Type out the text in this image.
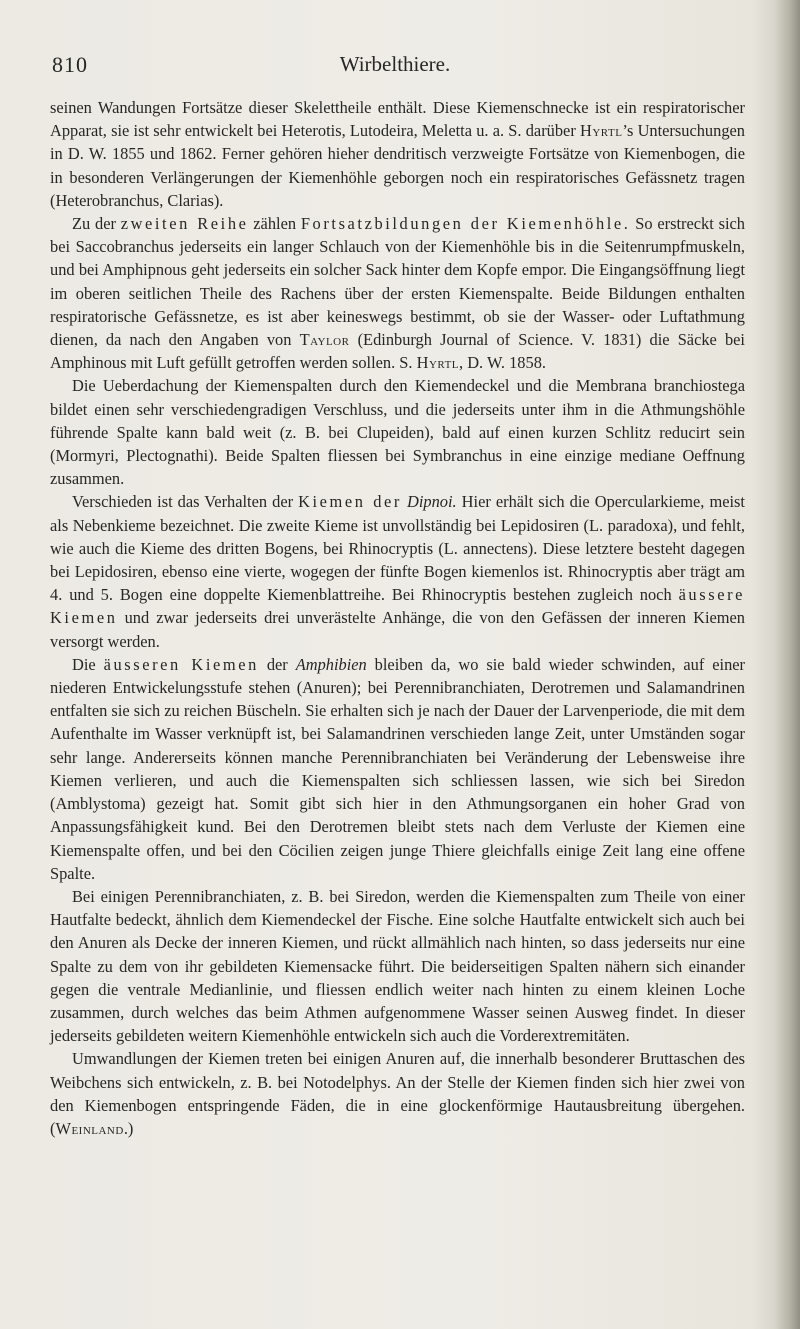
810	Wirbelthiere.

seinen Wandungen Fortsätze dieser Skelettheile enthält. Diese Kiemenschnecke ist ein respiratorischer Apparat, sie ist sehr entwickelt bei Heterotis, Lutodeira, Meletta u. a. S. darüber Hyrtl’s Untersuchungen in D. W. 1855 und 1862. Ferner gehören hieher dendritisch verzweigte Fortsätze von Kiemenbogen, die in besonderen Verlängerungen der Kiemenhöhle geborgen noch ein respiratorisches Gefässnetz tragen (Heterobranchus, Clarias).

Zu der zweiten Reihe zählen Fortsatzbildungen der Kiemenhöhle. So erstreckt sich bei Saccobranchus jederseits ein langer Schlauch von der Kiemenhöhle bis in die Seitenrumpfmuskeln, und bei Amphipnous geht jederseits ein solcher Sack hinter dem Kopfe empor. Die Eingangsöffnung liegt im oberen seitlichen Theile des Rachens über der ersten Kiemenspalte. Beide Bildungen enthalten respiratorische Gefässnetze, es ist aber keineswegs bestimmt, ob sie der Wasser- oder Luftathmung dienen, da nach den Angaben von Taylor (Edinburgh Journal of Science. V. 1831) die Säcke bei Amphinous mit Luft gefüllt getroffen werden sollen. S. Hyrtl, D. W. 1858.

Die Ueberdachung der Kiemenspalten durch den Kiemendeckel und die Membrana branchiostega bildet einen sehr verschiedengradigen Verschluss, und die jederseits unter ihm in die Athmungshöhle führende Spalte kann bald weit (z. B. bei Clupeiden), bald auf einen kurzen Schlitz reducirt sein (Mormyri, Plectognathi). Beide Spalten fliessen bei Symbranchus in eine einzige mediane Oeffnung zusammen.

Verschieden ist das Verhalten der Kiemen der Dipnoi. Hier erhält sich die Opercularkieme, meist als Nebenkieme bezeichnet. Die zweite Kieme ist unvollständig bei Lepidosiren (L. paradoxa), und fehlt, wie auch die Kieme des dritten Bogens, bei Rhinocryptis (L. annectens). Diese letztere besteht dagegen bei Lepidosiren, ebenso eine vierte, wogegen der fünfte Bogen kiemenlos ist. Rhinocryptis aber trägt am 4. und 5. Bogen eine doppelte Kiemenblattreihe. Bei Rhinocryptis bestehen zugleich noch äussere Kiemen und zwar jederseits drei unverästelte Anhänge, die von den Gefässen der inneren Kiemen versorgt werden.

Die äusseren Kiemen der Amphibien bleiben da, wo sie bald wieder schwinden, auf einer niederen Entwickelungsstufe stehen (Anuren); bei Perennibranchiaten, Derotremen und Salamandrinen entfalten sie sich zu reichen Büscheln. Sie erhalten sich je nach der Dauer der Larvenperiode, die mit dem Aufenthalte im Wasser verknüpft ist, bei Salamandrinen verschieden lange Zeit, unter Umständen sogar sehr lange. Andererseits können manche Perennibranchiaten bei Veränderung der Lebensweise ihre Kiemen verlieren, und auch die Kiemenspalten sich schliessen lassen, wie sich bei Siredon (Amblystoma) gezeigt hat. Somit gibt sich hier in den Athmungsorganen ein hoher Grad von Anpassungsfähigkeit kund. Bei den Derotremen bleibt stets nach dem Verluste der Kiemen eine Kiemenspalte offen, und bei den Cöcilien zeigen junge Thiere gleichfalls einige Zeit lang eine offene Spalte.

Bei einigen Perennibranchiaten, z. B. bei Siredon, werden die Kiemenspalten zum Theile von einer Hautfalte bedeckt, ähnlich dem Kiemendeckel der Fische. Eine solche Hautfalte entwickelt sich auch bei den Anuren als Decke der inneren Kiemen, und rückt allmählich nach hinten, so dass jederseits nur eine Spalte zu dem von ihr gebildeten Kiemensacke führt. Die beiderseitigen Spalten nähern sich einander gegen die ventrale Medianlinie, und fliessen endlich weiter nach hinten zu einem kleinen Loche zusammen, durch welches das beim Athmen aufgenommene Wasser seinen Ausweg findet. In dieser jederseits gebildeten weitern Kiemenhöhle entwickeln sich auch die Vorderextremitäten.

Umwandlungen der Kiemen treten bei einigen Anuren auf, die innerhalb besonderer Bruttaschen des Weibchens sich entwickeln, z. B. bei Notodelphys. An der Stelle der Kiemen finden sich hier zwei von den Kiemenbogen entspringende Fäden, die in eine glockenförmige Hautausbreitung übergehen. (Weinland.)
